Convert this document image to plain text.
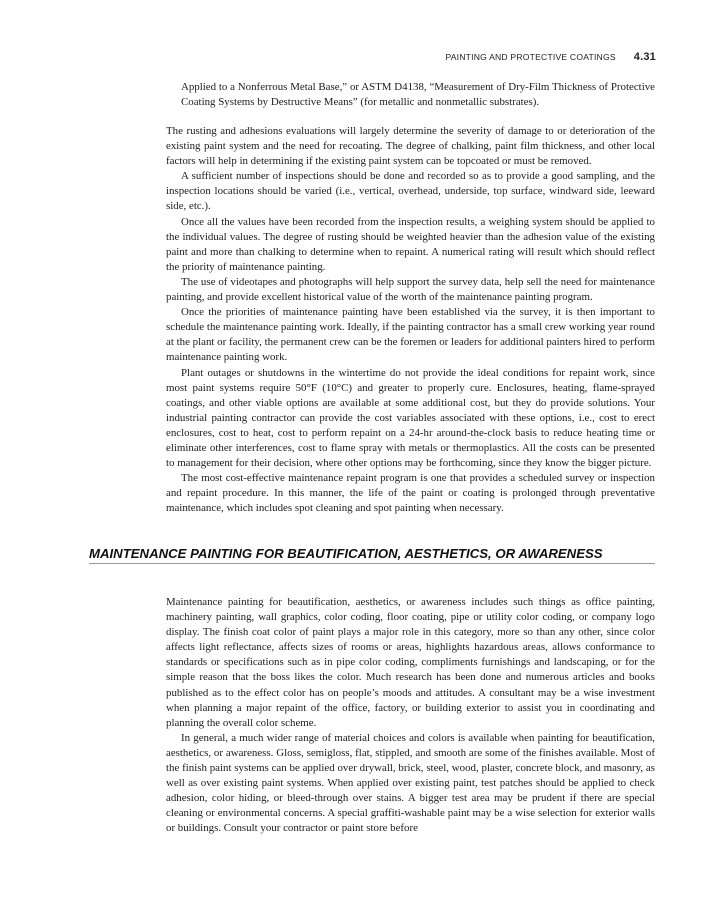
PAINTING AND PROTECTIVE COATINGS 4.31

Applied to a Nonferrous Metal Base,” or ASTM D4138, “Measurement of Dry-Film Thickness of Protective Coating Systems by Destructive Means” (for metallic and nonmetallic substrates).

The rusting and adhesions evaluations will largely determine the severity of damage to or deterioration of the existing paint system and the need for recoating. The degree of chalking, paint film thickness, and other local factors will help in determining if the existing paint system can be topcoated or must be removed.

A sufficient number of inspections should be done and recorded so as to provide a good sampling, and the inspection locations should be varied (i.e., vertical, overhead, underside, top surface, windward side, leeward side, etc.).

Once all the values have been recorded from the inspection results, a weighing system should be applied to the individual values. The degree of rusting should be weighted heavier than the adhesion value of the existing paint and more than chalking to determine when to repaint. A numerical rating will result which should reflect the priority of maintenance painting.

The use of videotapes and photographs will help support the survey data, help sell the need for maintenance painting, and provide excellent historical value of the worth of the maintenance painting program.

Once the priorities of maintenance painting have been established via the survey, it is then important to schedule the maintenance painting work. Ideally, if the painting contractor has a small crew working year round at the plant or facility, the permanent crew can be the foremen or leaders for additional painters hired to perform maintenance painting work.

Plant outages or shutdowns in the wintertime do not provide the ideal conditions for repaint work, since most paint systems require 50°F (10°C) and greater to properly cure. Enclosures, heating, flame-sprayed coatings, and other viable options are available at some additional cost, but they do provide solutions. Your industrial painting contractor can provide the cost variables associated with these options, i.e., cost to erect enclosures, cost to heat, cost to perform repaint on a 24-hr around-the-clock basis to reduce heating time or eliminate other interferences, cost to flame spray with metals or thermoplastics. All the costs can be presented to management for their decision, where other options may be forthcoming, since they know the bigger picture.

The most cost-effective maintenance repaint program is one that provides a scheduled survey or inspection and repaint procedure. In this manner, the life of the paint or coating is prolonged through preventative maintenance, which includes spot cleaning and spot painting when necessary.

MAINTENANCE PAINTING FOR BEAUTIFICATION, AESTHETICS, OR AWARENESS

Maintenance painting for beautification, aesthetics, or awareness includes such things as office painting, machinery painting, wall graphics, color coding, floor coating, pipe or utility color coding, or company logo display. The finish coat color of paint plays a major role in this category, more so than any other, since color affects light reflectance, affects sizes of rooms or areas, highlights hazardous areas, allows conformance to standards or specifications such as in pipe color coding, compliments furnishings and landscaping, or for the simple reason that the boss likes the color. Much research has been done and numerous articles and books published as to the effect color has on people’s moods and attitudes. A consultant may be a wise investment when planning a major repaint of the office, factory, or building exterior to assist you in coordinating and planning the overall color scheme.

In general, a much wider range of material choices and colors is available when painting for beautification, aesthetics, or awareness. Gloss, semigloss, flat, stippled, and smooth are some of the finishes available. Most of the finish paint systems can be applied over drywall, brick, steel, wood, plaster, concrete block, and masonry, as well as over existing paint systems. When applied over existing paint, test patches should be applied to check adhesion, color hiding, or bleed-through over stains. A bigger test area may be prudent if there are special cleaning or environmental concerns. A special graffiti-washable paint may be a wise selection for exterior walls or buildings. Consult your contractor or paint store before
